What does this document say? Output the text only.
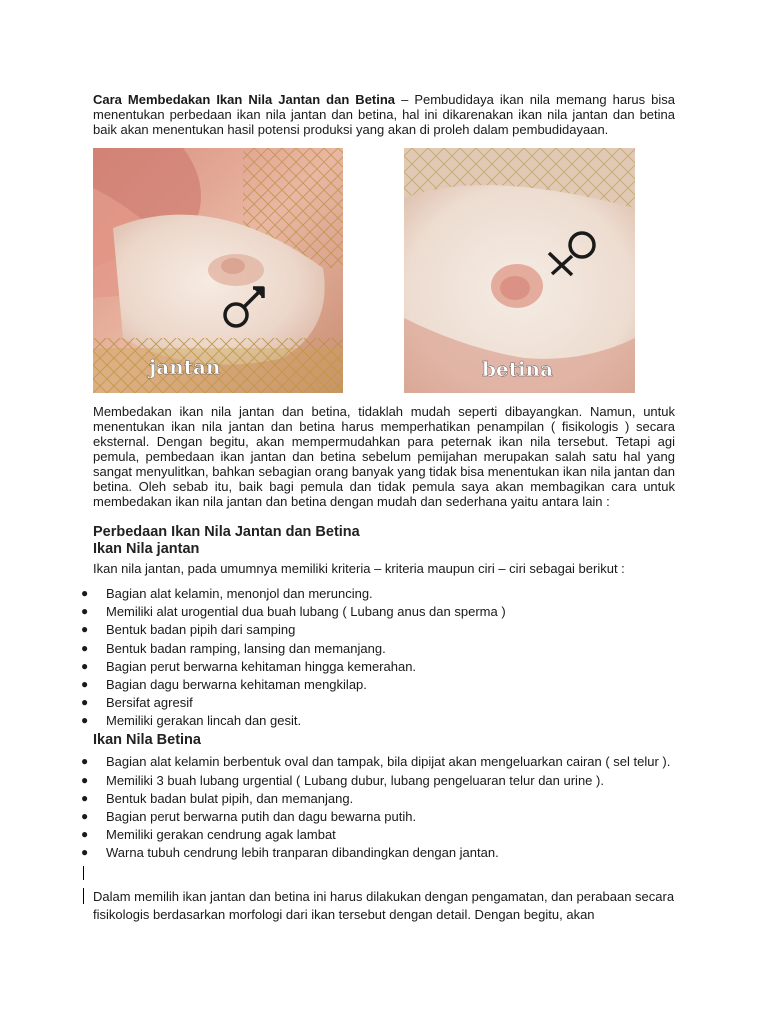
Cara Membedakan Ikan Nila Jantan dan Betina – Pembudidaya ikan nila memang harus bisa menentukan perbedaan ikan nila jantan dan betina, hal ini dikarenakan ikan nila jantan dan betina baik akan menentukan hasil potensi produksi yang akan di proleh dalam pembudidayaan.

jantan	betina

Membedakan ikan nila jantan dan betina, tidaklah mudah seperti dibayangkan. Namun, untuk menentukan ikan nila jantan dan betina harus memperhatikan penampilan ( fisikologis ) secara eksternal. Dengan begitu, akan mempermudahkan para peternak ikan nila tersebut. Tetapi agi pemula, pembedaan ikan jantan dan betina sebelum pemijahan merupakan salah satu hal yang sangat menyulitkan, bahkan sebagian orang banyak yang tidak bisa menentukan ikan nila jantan dan betina. Oleh sebab itu, baik bagi pemula dan tidak pemula saya akan membagikan cara untuk membedakan ikan nila jantan dan betina dengan mudah dan sederhana yaitu antara lain :

Perbedaan Ikan Nila Jantan dan Betina
Ikan Nila jantan

Ikan nila jantan, pada umumnya memiliki kriteria – kriteria maupun ciri – ciri sebagai berikut :

● Bagian alat kelamin, menonjol dan meruncing.
● Memiliki alat urogential dua buah lubang ( Lubang anus dan sperma )
● Bentuk badan pipih dari samping
● Bentuk badan ramping, lansing dan memanjang.
● Bagian perut berwarna kehitaman hingga kemerahan.
● Bagian dagu berwarna kehitaman mengkilap.
● Bersifat agresif
● Memiliki gerakan lincah dan gesit.
Ikan Nila Betina
● Bagian alat kelamin berbentuk oval dan tampak, bila dipijat akan mengeluarkan cairan ( sel telur ).
● Memiliki 3 buah lubang urgential ( Lubang dubur, lubang pengeluaran telur dan urine ).
● Bentuk badan bulat pipih, dan memanjang.
● Bagian perut berwarna putih dan dagu bewarna putih.
● Memiliki gerakan cendrung agak lambat
● Warna tubuh cendrung lebih tranparan dibandingkan dengan jantan.

Dalam memilih ikan jantan dan betina ini harus dilakukan dengan pengamatan, dan perabaan secara fisikologis berdasarkan morfologi dari ikan tersebut dengan detail. Dengan begitu, akan
